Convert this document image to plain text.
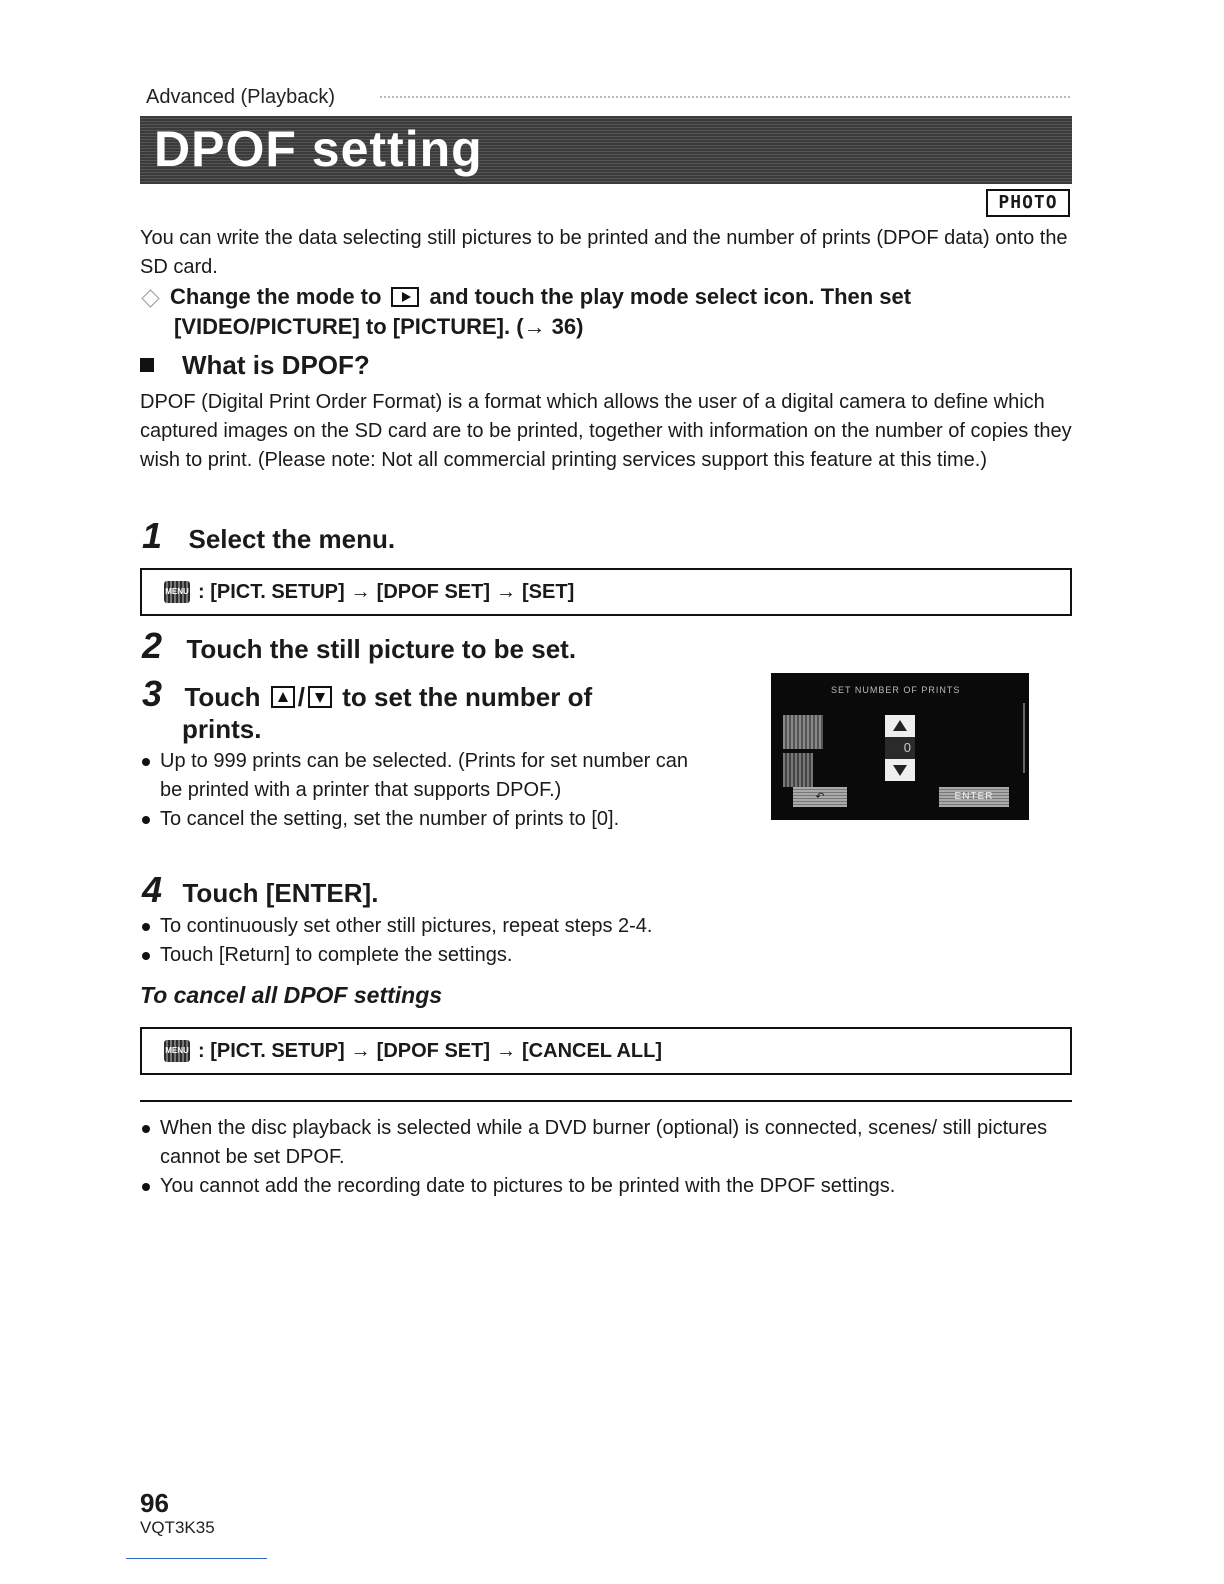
Advanced (Playback)
DPOF setting
PHOTO
You can write the data selecting still pictures to be printed and the number of prints (DPOF data) onto the SD card.
Change the mode to and touch the play mode select icon. Then set
[VIDEO/PICTURE] to [PICTURE]. (→ 36)
What is DPOF?
DPOF (Digital Print Order Format) is a format which allows the user of a digital camera to define which captured images on the SD card are to be printed, together with information on the number of copies they wish to print. (Please note: Not all commercial printing services support this feature at this time.)
1 Select the menu.
MENU : [PICT. SETUP] → [DPOF SET] → [SET]
2 Touch the still picture to be set.
3 Touch / to set the number of
prints.
Up to 999 prints can be selected. (Prints for set number can be printed with a printer that supports DPOF.)
To cancel the setting, set the number of prints to [0].
SET NUMBER OF PRINTS
0
↶	ENTER
4 Touch [ENTER].
To continuously set other still pictures, repeat steps 2-4.
Touch [Return] to complete the settings.
To cancel all DPOF settings
MENU : [PICT. SETUP] → [DPOF SET] → [CANCEL ALL]
When the disc playback is selected while a DVD burner (optional) is connected, scenes/ still pictures cannot be set DPOF.
You cannot add the recording date to pictures to be printed with the DPOF settings.
96
VQT3K35
